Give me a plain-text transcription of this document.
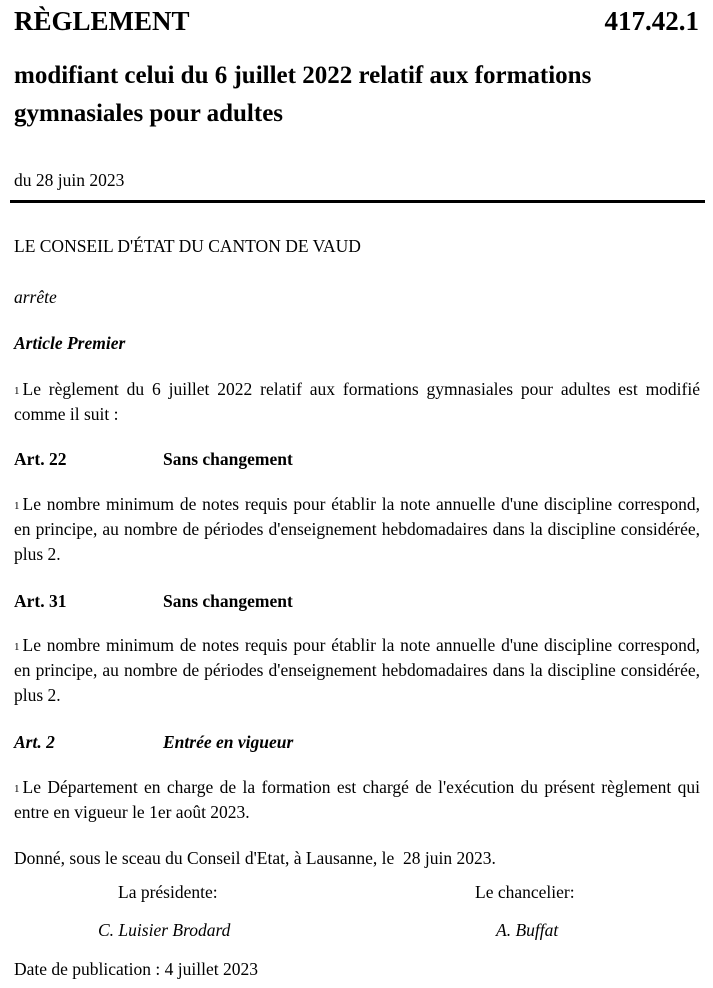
RÈGLEMENT	417.42.1
modifiant celui du 6 juillet 2022 relatif aux formations gymnasiales pour adultes
du 28 juin 2023
LE CONSEIL D'ÉTAT DU CANTON DE VAUD
arrête
Article Premier
$^1$ Le règlement du 6 juillet 2022 relatif aux formations gymnasiales pour adultes est modifié comme il suit :
Art. 22	Sans changement
$^1$ Le nombre minimum de notes requis pour établir la note annuelle d'une discipline correspond, en principe, au nombre de périodes d'enseignement hebdomadaires dans la discipline considérée, plus 2.
Art. 31	Sans changement
$^1$ Le nombre minimum de notes requis pour établir la note annuelle d'une discipline correspond, en principe, au nombre de périodes d'enseignement hebdomadaires dans la discipline considérée, plus 2.
Art. 2	Entrée en vigueur
$^1$ Le Département en charge de la formation est chargé de l'exécution du présent règlement qui entre en vigueur le 1er août 2023.
Donné, sous le sceau du Conseil d'Etat, à Lausanne, le  28 juin 2023.
La présidente:	Le chancelier:
C. Luisier Brodard	A. Buffat
Date de publication : 4 juillet 2023
